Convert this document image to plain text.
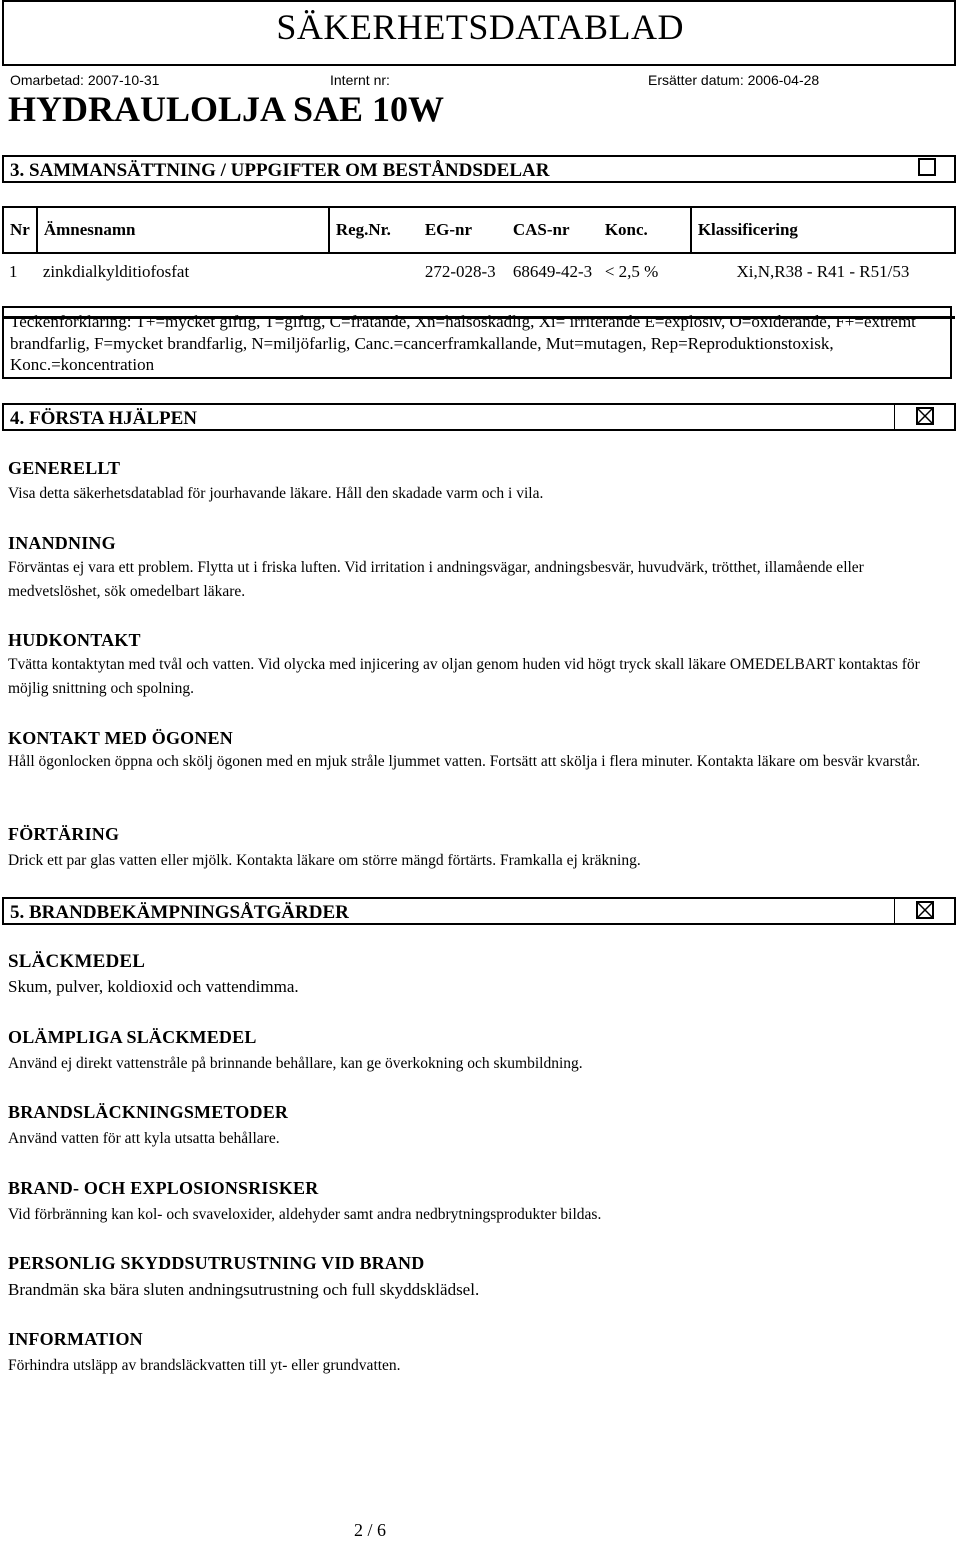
SÄKERHETSDATABLAD
Omarbetad: 2007-10-31	Internt nr:	Ersätter datum: 2006-04-28
HYDRAULOLJA SAE 10W
3. SAMMANSÄTTNING / UPPGIFTER OM BESTÅNDSDELAR
Nr	Ämnesnamn	Reg.Nr.	EG-nr	CAS-nr	Konc.	Klassificering
1	zinkdialkylditiofosfat		272-028-3	68649-42-3	< 2,5 %	Xi,N,R38 - R41 - R51/53
Teckenförklaring: T+=mycket giftig, T=giftig, C=frätande, Xn=hälsoskadlig, Xi= irriterande E=explosiv, O=oxiderande, F+=extremt brandfarlig, F=mycket brandfarlig, N=miljöfarlig, Canc.=cancerframkallande, Mut=mutagen, Rep=Reproduktionstoxisk, Konc.=koncentration
4. FÖRSTA HJÄLPEN
GENERELLT
Visa detta säkerhetsdatablad för jourhavande läkare. Håll den skadade varm och i vila.
INANDNING
Förväntas ej vara ett problem. Flytta ut i friska luften. Vid irritation i andningsvägar, andningsbesvär, huvudvärk, trötthet, illamående eller medvetslöshet, sök omedelbart läkare.
HUDKONTAKT
Tvätta kontaktytan med tvål och vatten. Vid olycka med injicering av oljan genom huden vid högt tryck skall läkare OMEDELBART kontaktas för möjlig snittning och spolning.
KONTAKT MED ÖGONEN
Håll ögonlocken öppna och skölj ögonen med en mjuk stråle ljummet vatten. Fortsätt att skölja i flera minuter. Kontakta läkare om besvär kvarstår.
FÖRTÄRING
Drick ett par glas vatten eller mjölk. Kontakta läkare om större mängd förtärts. Framkalla ej kräkning.
5. BRANDBEKÄMPNINGSÅTGÄRDER
SLÄCKMEDEL
Skum, pulver, koldioxid och vattendimma.
OLÄMPLIGA SLÄCKMEDEL
Använd ej direkt vattenstråle på brinnande behållare, kan ge överkokning och skumbildning.
BRANDSLÄCKNINGSMETODER
Använd vatten för att kyla utsatta behållare.
BRAND- OCH EXPLOSIONSRISKER
Vid förbränning kan kol- och svaveloxider, aldehyder samt andra nedbrytningsprodukter bildas.
PERSONLIG SKYDDSUTRUSTNING VID BRAND
Brandmän ska bära sluten andningsutrustning och full skyddsklädsel.
INFORMATION
Förhindra utsläpp av brandsläckvatten till yt- eller grundvatten.
2 / 6
